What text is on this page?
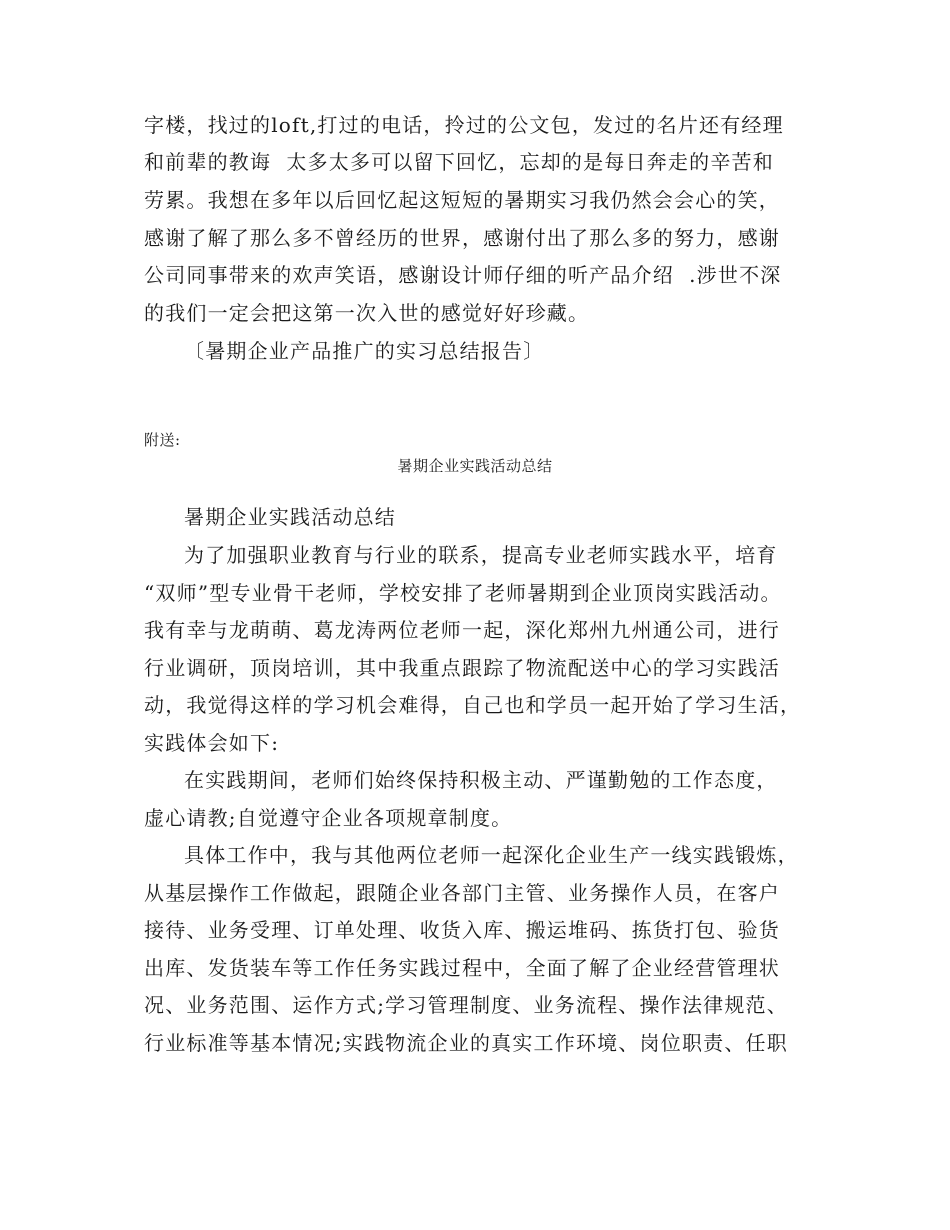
字楼，找过的loft,打过的电话，拎过的公文包，发过的名片还有经理
和前辈的教诲  太多太多可以留下回忆，忘却的是每日奔走的辛苦和
劳累。我想在多年以后回忆起这短短的暑期实习我仍然会会心的笑，
感谢了解了那么多不曾经历的世界，感谢付出了那么多的努力，感谢
公司同事带来的欢声笑语，感谢设计师仔细的听产品介绍  .涉世不深
的我们一定会把这第一次入世的感觉好好珍藏。
〔暑期企业产品推广的实习总结报告〕
附送:
暑期企业实践活动总结
暑期企业实践活动总结
为了加强职业教育与行业的联系，提高专业老师实践水平，培育
“双师”型专业骨干老师，学校安排了老师暑期到企业顶岗实践活动。
我有幸与龙萌萌、葛龙涛两位老师一起，深化郑州九州通公司，进行
行业调研，顶岗培训，其中我重点跟踪了物流配送中心的学习实践活
动，我觉得这样的学习机会难得，自己也和学员一起开始了学习生活，
实践体会如下:
在实践期间，老师们始终保持积极主动、严谨勤勉的工作态度，
虚心请教;自觉遵守企业各项规章制度。
具体工作中，我与其他两位老师一起深化企业生产一线实践锻炼，
从基层操作工作做起，跟随企业各部门主管、业务操作人员，在客户
接待、业务受理、订单处理、收货入库、搬运堆码、拣货打包、验货
出库、发货装车等工作任务实践过程中，全面了解了企业经营管理状
况、业务范围、运作方式;学习管理制度、业务流程、操作法律规范、
行业标准等基本情况;实践物流企业的真实工作环境、岗位职责、任职
